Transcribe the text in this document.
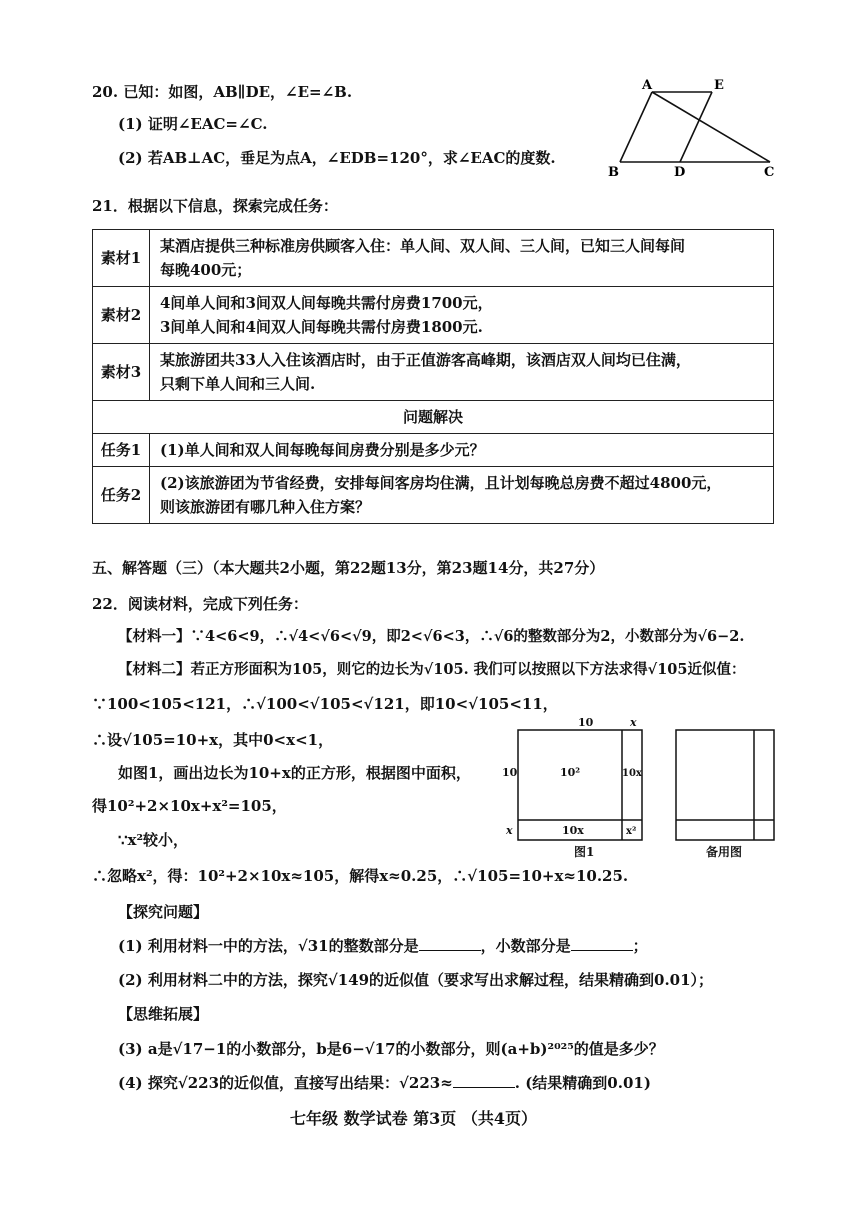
20. 已知：如图，AB∥DE，∠E=∠B.
(1) 证明∠EAC=∠C.
(2) 若AB⊥AC，垂足为点A，∠EDB=120°，求∠EAC的度数.
A	E
B	D	C
21．根据以下信息，探索完成任务：
素材1	某酒店提供三种标准房供顾客入住：单人间、双人间、三人间，已知三人间每间
每晚400元；
素材2	4间单人间和3间双人间每晚共需付房费1700元，
3间单人间和4间双人间每晚共需付房费1800元.
素材3	某旅游团共33人入住该酒店时，由于正值游客高峰期，该酒店双人间均已住满，
只剩下单人间和三人间.
问题解决	
任务1	(1)单人间和双人间每晚每间房费分别是多少元？
任务2	(2)该旅游团为节省经费，安排每间客房均住满，且计划每晚总房费不超过4800元，
则该旅游团有哪几种入住方案？
五、解答题（三）（本大题共2小题，第22题13分，第23题14分，共27分）
22．阅读材料，完成下列任务：
【材料一】∵4<6<9，∴√4<√6<√9，即2<√6<3，∴√6的整数部分为2，小数部分为√6−2.
【材料二】若正方形面积为105，则它的边长为√105. 我们可以按照以下方法求得√105近似值：
∵100<105<121，∴√100<√105<√121，即10<√105<11，
∴设√105=10+x，其中0<x<1，
如图1，画出边长为10+x的正方形，根据图中面积，
得10²+2×10x+x²=105，
∵x²较小，
∴忽略x²，得：10²+2×10x≈105，解得x≈0.25，∴√105=10+x≈10.25.
10	x
10
x
10²	10x
10x	x²
图1	备用图
【探究问题】
(1) 利用材料一中的方法，√31的整数部分是	，小数部分是	；
(2) 利用材料二中的方法，探究√149的近似值（要求写出求解过程，结果精确到0.01）；
【思维拓展】
(3) a是√17−1的小数部分，b是6−√17的小数部分，则(a+b)²⁰²⁵的值是多少？
(4) 探究√223的近似值，直接写出结果：√223≈	. (结果精确到0.01)
七年级 数学试卷 第3页 （共4页）
